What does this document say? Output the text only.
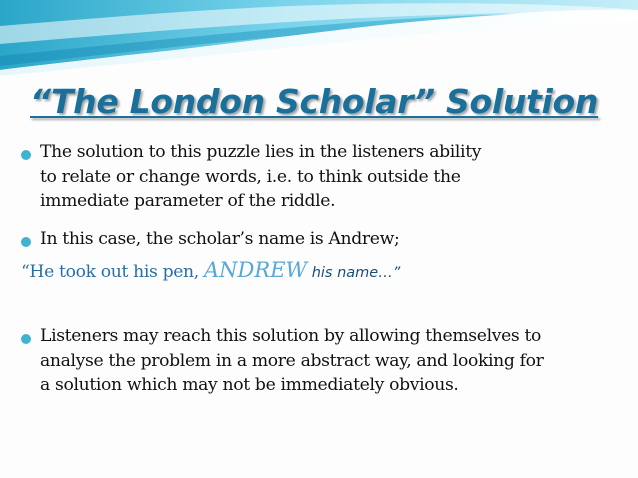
“The London Scholar” Solution
The solution to this puzzle lies in the listeners ability
to relate or change words, i.e. to think outside the
immediate parameter of the riddle.
In this case, the scholar’s name is Andrew;
“He took out his pen, ANDREW his name…”
Listeners may reach this solution by allowing themselves to
analyse the problem in a more abstract way, and looking for
a solution which may not be immediately obvious.
